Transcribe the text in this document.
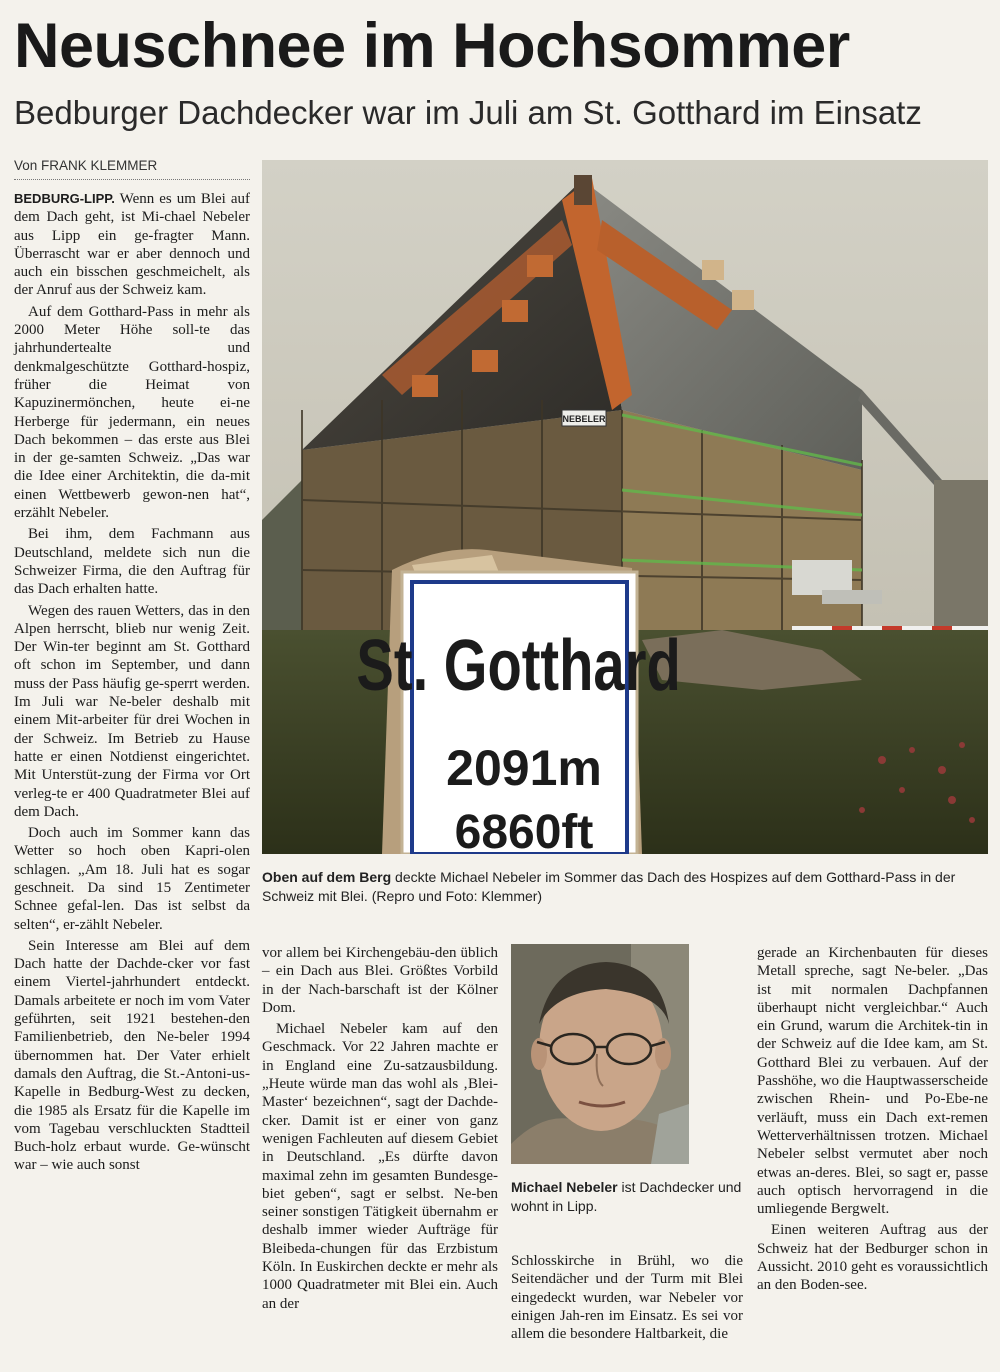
Neuschnee im Hochsommer
Bedburger Dachdecker war im Juli am St. Gotthard im Einsatz
Von FRANK KLEMMER

BEDBURG-LIPP. Wenn es um Blei auf dem Dach geht, ist Mi-chael Nebeler aus Lipp ein ge-fragter Mann. Überrascht war er aber dennoch und auch ein bisschen geschmeichelt, als der Anruf aus der Schweiz kam.

Auf dem Gotthard-Pass in mehr als 2000 Meter Höhe soll-te das jahrhundertealte und denkmalgeschützte Gotthard-hospiz, früher die Heimat von Kapuzinermönchen, heute ei-ne Herberge für jedermann, ein neues Dach bekommen – das erste aus Blei in der ge-samten Schweiz. „Das war die Idee einer Architektin, die da-mit einen Wettbewerb gewon-nen hat“, erzählt Nebeler.

Bei ihm, dem Fachmann aus Deutschland, meldete sich nun die Schweizer Firma, die den Auftrag für das Dach erhalten hatte.

Wegen des rauen Wetters, das in den Alpen herrscht, blieb nur wenig Zeit. Der Win-ter beginnt am St. Gotthard oft schon im September, und dann muss der Pass häufig ge-sperrt werden. Im Juli war Ne-beler deshalb mit einem Mit-arbeiter für drei Wochen in der Schweiz. Im Betrieb zu Hause hatte er einen Notdienst eingerichtet. Mit Unterstüt-zung der Firma vor Ort verleg-te er 400 Quadratmeter Blei auf dem Dach.

Doch auch im Sommer kann das Wetter so hoch oben Kapri-olen schlagen. „Am 18. Juli hat es sogar geschneit. Da sind 15 Zentimeter Schnee gefal-len. Das ist selbst da selten“, er-zählt Nebeler.

Sein Interesse am Blei auf dem Dach hatte der Dachde-cker vor fast einem Viertel-jahrhundert entdeckt. Damals arbeitete er noch im vom Vater geführten, seit 1921 bestehen-den Familienbetrieb, den Ne-beler 1994 übernommen hat. Der Vater erhielt damals den Auftrag, die St.-Antoni-us-Kapelle in Bedburg-West zu decken, die 1985 als Ersatz für die Kapelle im vom Tagebau verschluckten Stadtteil Buch-holz erbaut wurde. Ge-wünscht war – wie auch sonst

NEBELER
St. Gotthard
2091m
6860ft
Oben auf dem Berg deckte Michael Nebeler im Sommer das Dach des Hospizes auf dem Gotthard-Pass in der Schweiz mit Blei. (Repro und Foto: Klemmer)

vor allem bei Kirchengebäu-den üblich – ein Dach aus Blei. Größtes Vorbild in der Nach-barschaft ist der Kölner Dom.

Michael Nebeler kam auf den Geschmack. Vor 22 Jahren machte er in England eine Zu-satzausbildung. „Heute würde man das wohl als ‚Blei-Master‘ bezeichnen“, sagt der Dachde-cker. Damit ist er einer von ganz wenigen Fachleuten auf diesem Gebiet in Deutschland. „Es dürfte davon maximal zehn im gesamten Bundesge-biet geben“, sagt er selbst. Ne-ben seiner sonstigen Tätigkeit übernahm er deshalb immer wieder Aufträge für Bleibeda-chungen für das Erzbistum Köln. In Euskirchen deckte er mehr als 1000 Quadratmeter mit Blei ein. Auch an der

Michael Nebeler ist Dachdecker und wohnt in Lipp.

Schlosskirche in Brühl, wo die Seitendächer und der Turm mit Blei eingedeckt wurden, war Nebeler vor einigen Jah-ren im Einsatz. Es sei vor allem die besondere Haltbarkeit, die

gerade an Kirchenbauten für dieses Metall spreche, sagt Ne-beler. „Das ist mit normalen Dachpfannen überhaupt nicht vergleichbar.“ Auch ein Grund, warum die Architek-tin in der Schweiz auf die Idee kam, am St. Gotthard Blei zu verbauen. Auf der Passhöhe, wo die Hauptwasserscheide zwischen Rhein- und Po-Ebe-ne verläuft, muss ein Dach ext-remen Wetterverhältnissen trotzen. Michael Nebeler selbst vermutet aber noch etwas an-deres. Blei, so sagt er, passe auch optisch hervorragend in die umliegende Bergwelt.

Einen weiteren Auftrag aus der Schweiz hat der Bedburger schon in Aussicht. 2010 geht es voraussichtlich an den Boden-see.
